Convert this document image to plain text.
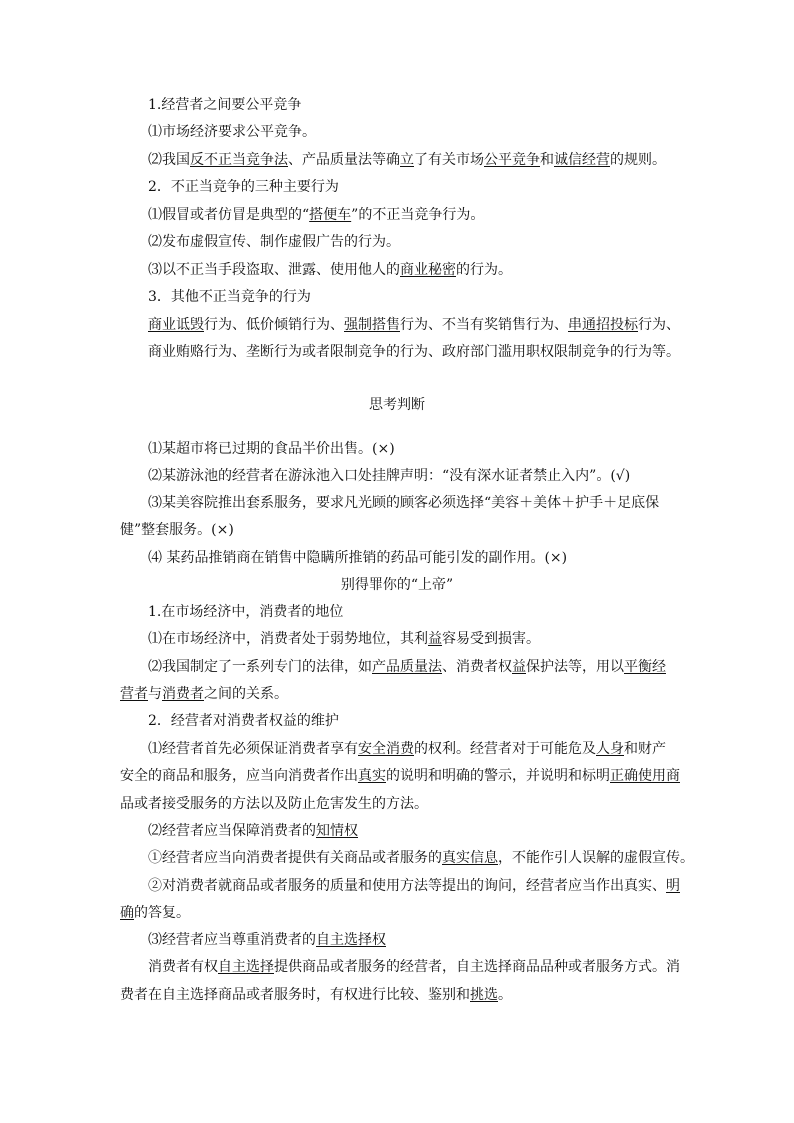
1.经营者之间要公平竞争
⑴市场经济要求公平竞争。
⑵我国反不正当竞争法、产品质量法等确立了有关市场公平竞争和诚信经营的规则。
2．不正当竞争的三种主要行为
⑴假冒或者仿冒是典型的“搭便车”的不正当竞争行为。
⑵发布虚假宣传、制作虚假广告的行为。
⑶以不正当手段盗取、泄露、使用他人的商业秘密的行为。
3．其他不正当竞争的行为
商业诋毁行为、低价倾销行为、强制搭售行为、不当有奖销售行为、串通招投标行为、
商业贿赂行为、垄断行为或者限制竞争的行为、政府部门滥用职权限制竞争的行为等。
思考判断
⑴某超市将已过期的食品半价出售。(×)
⑵某游泳池的经营者在游泳池入口处挂牌声明：“没有深水证者禁止入内”。(√)
⑶某美容院推出套系服务，要求凡光顾的顾客必须选择“美容＋美体＋护手＋足底保
健”整套服务。(×)
⑷ 某药品推销商在销售中隐瞒所推销的药品可能引发的副作用。(×)
别得罪你的“上帝”
1.在市场经济中，消费者的地位
⑴在市场经济中，消费者处于弱势地位，其利益容易受到损害。
⑵我国制定了一系列专门的法律，如产品质量法、消费者权益保护法等，用以平衡经
营者与消费者之间的关系。
2．经营者对消费者权益的维护
⑴经营者首先必须保证消费者享有安全消费的权利。经营者对于可能危及人身和财产
安全的商品和服务，应当向消费者作出真实的说明和明确的警示，并说明和标明正确使用商
品或者接受服务的方法以及防止危害发生的方法。
⑵经营者应当保障消费者的知情权
①经营者应当向消费者提供有关商品或者服务的真实信息，不能作引人误解的虚假宣传。
②对消费者就商品或者服务的质量和使用方法等提出的询问，经营者应当作出真实、明
确的答复。
⑶经营者应当尊重消费者的自主选择权
消费者有权自主选择提供商品或者服务的经营者，自主选择商品品种或者服务方式。消
费者在自主选择商品或者服务时，有权进行比较、鉴别和挑选。
